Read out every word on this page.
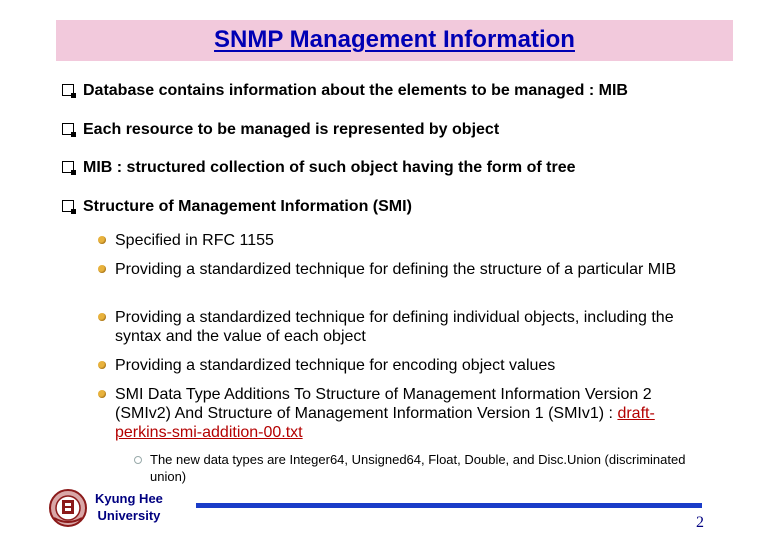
SNMP Management Information
Database contains information about the elements to be managed : MIB
Each resource to be managed is represented by object
MIB : structured collection of such object having the form of tree
Structure of Management Information (SMI)
Specified in RFC 1155
Providing a standardized technique for defining the structure of a particular MIB
Providing a standardized technique for defining individual objects, including the syntax and the value of each object
Providing a standardized technique for encoding object values
SMI Data Type Additions To Structure of Management Information Version 2 (SMIv2) And Structure of Management Information Version 1 (SMIv1) : draft-perkins-smi-addition-00.txt
The new data types are Integer64, Unsigned64, Float, Double, and Disc.Union (discriminated union)
Kyung Hee
University	2
